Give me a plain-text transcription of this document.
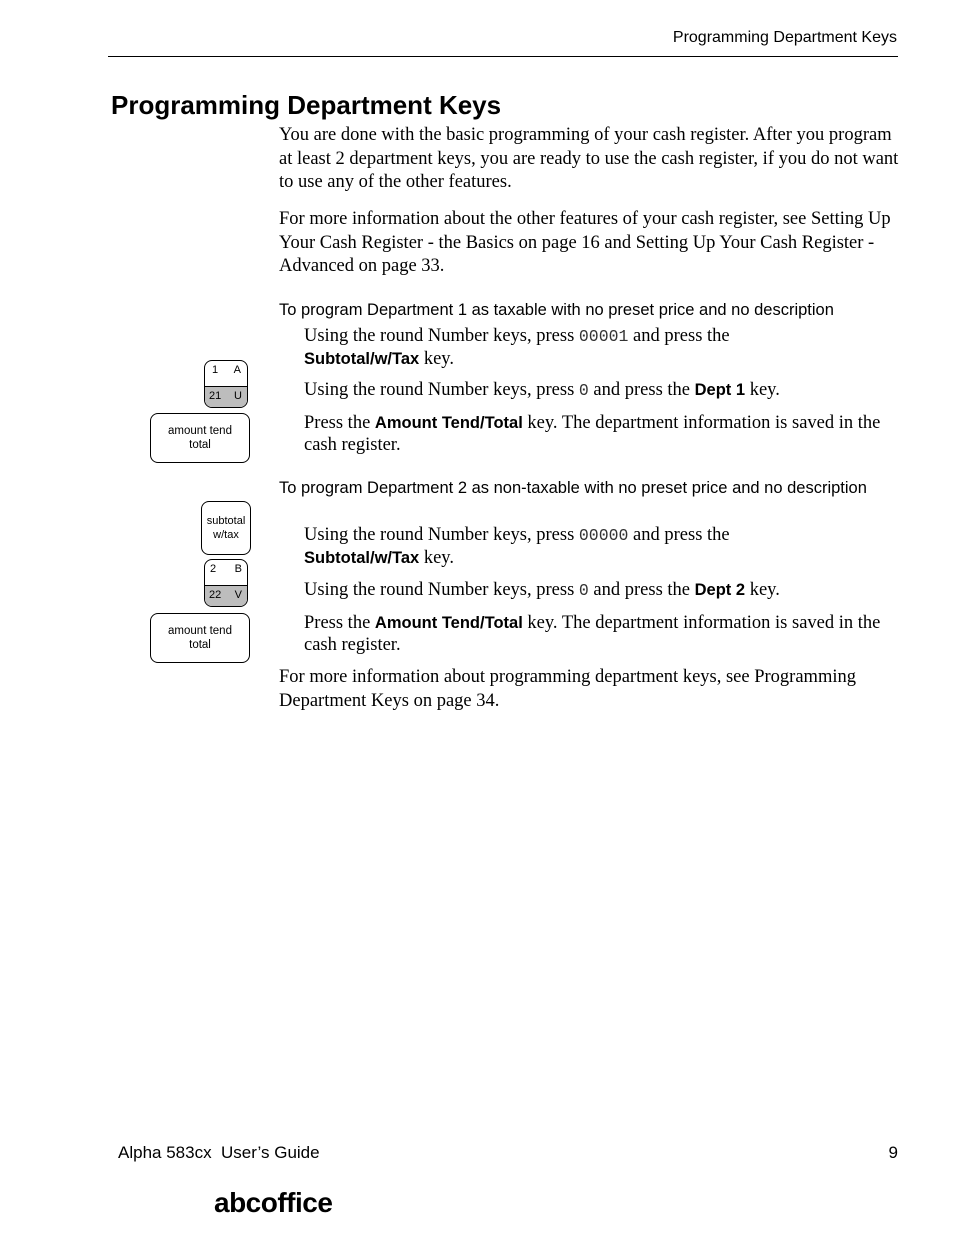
Programming Department Keys
Programming Department Keys

You are done with the basic programming of your cash register. After you program at least 2 department keys, you are ready to use the cash register, if you do not want to use any of the other features.

For more information about the other features of your cash register, see Setting Up Your Cash Register - the Basics on page 16 and Setting Up Your Cash Register - Advanced on page 33.

To program Department 1 as taxable with no preset price and no description

Using the round Number keys, press 00001 and press the
Subtotal/w/Tax key.

Using the round Number keys, press 0 and press the Dept 1 key.

Press the Amount Tend/Total key. The department information is saved in the cash register.

1 A
21 U
amount tend
total

To program Department 2 as non-taxable with no preset price and no description

Using the round Number keys, press 00000 and press the
Subtotal/w/Tax key.

Using the round Number keys, press 0 and press the Dept 2 key.

Press the Amount Tend/Total key. The department information is saved in the cash register.

subtotal
w/tax
2 B
22 V
amount tend
total

For more information about programming department keys, see Programming Department Keys on page 34.

Alpha 583cx  User’s Guide	9
abcoffice
